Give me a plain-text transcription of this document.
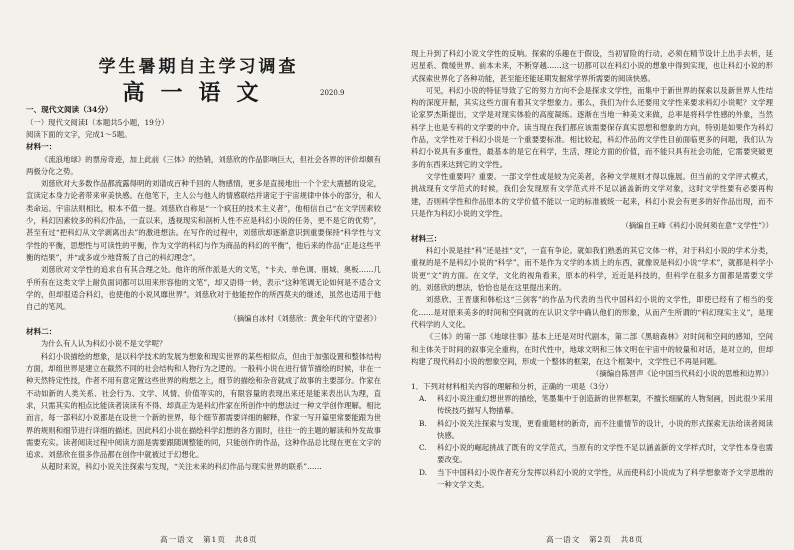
学生暑期自主学习调查
高一语文	2020.9

一、现代文阅读（34分）

（一）现代文阅读Ⅰ（本题共5小题，19分）

阅读下面的文字，完成1～5题。

材料一：

《流浪地球》的票房奇迹，加上此前《三体》的热销，刘慈欣的作品影响巨大，但社会各界的评价却颇有两极分化之势。

刘慈欣对大多数作品都流露得明的刘谱成百种千回的人物感情，更多是直接地出一个个宏大震撼的设定，宣读定本身力论者带来审美快感。在他笔下，主人公与他人的情感联结并诸定于宇宙规律中体小的部分，和人类命运、宇宙法则相比，根本不值一提。刘慈欣自称是“一个疯狂的技术主义者”，他相信自己“在文学因素较少，科幻因素较多的科幻作品，一直以来，透视现实和剖析人性不应是科幻小说的任务，更不是它的优势”，甚至有过“把科幻从文学剥离出去”的激进想法。在写作的过程中，刘慈欣却逐渐意识到重要保持“科学性与文学性的平衡，思想性与可读性的平衡，作为文学的科幻与作为商品的科幻的平衡”，他后来的作品“正是这些平衡的结果”，并“或多或少地背叛了自己的科幻理念”。

刘慈欣对文学性的追求自有其合理之处。他许的所作派是大的文笔，“卡夫、单色调、朋城、奥板……几乎所有在这类文学上耐负面词都可以用来形容他的文笔”，却又语得一转，表示“这种笔调无论如何是不适合文学的，但却很适合科幻，也使他的小说风靡世界”。刘慈欣对于他能控作的所西莫夫的继述，虽然也适用于他自己的笔风。

（摘编自冰村《刘慈欣：黄金年代的守望者》）

材料二：

为什么有人认为科幻小说不是文学呢？

科幻小说描绘的想象，是以科学技术的发展为想象和现实世界的某些相似点，但由于加强设置和整体结构方面，却组世界是建立在截然不同的社会结构和人物行为之逻的。一般科小说在进行情节描绘的时候，非在一种天然特定性技，作者不用有意定置这些世界的构想之上，细节的描绘和杂音就成了故事的主要部分。作家在不动如新的人类关系、社会行为、文学、风情、价值等实的，有限容量的表现出来还是能来表出认为理，直求，只需其实的相点比能读者读读有不得、却真正为是科幻作家在所创作中的想法过一种文学创作理解。相比而言，每一部科幻小说都是在设世一个新的世界，每个细节都需要详细的解释，作家一写开篇里常要能跟为世界的规则和细节进行详细的描述。因此科幻小说在描绘科学幻想的各方面时，往往一的主题的解读和外发故事需要充实。读者阅读过程中阅读方面是需要跟随调整能的同，只能创作的作品，这种作品总比现在更在文字的追求。刘慈欣在很多作品都在创作中就被过于幻想化。

从超时来说，科幻小说关注探索与发现，“关注未来的科幻作品与现实世界的联系”……

现上升到了科幻小说文学性的反响。探索的乐趣在于假设，当初冒险的行动，必须在精节设计上出手去析，延迟星系、微缓世界、前本未来，不断穿越……这一切都可以在科幻小说的想象中得到实现，也让科幻小说的形式探索世界化了各种功能，甚至能还能延期发掘常学界所需要的阅读快感。

可见，科幻小说的特征导致了它的努力方向不会是探求文学性，而集中于新世界的探索以及新世界人性结构的深度开掘，其实这些方面有着其文学想象力。那么，我们为什么还要用文学性来要求科幻小说呢？文学理论家罗杰斯提出，文学是对现实体验的高度凝练。逐渐在当地一种美文来做，总率是将科学性感的外象，当然科学上也是专科的文学要的中介。读当现在我们都应该需要保存真实思想和想象的方向，特别是如果作为科幻作品，文学性对于科幻小说是一个重要要标准。相比较起，科幻作品的文学性目前面临更多的问题，我们认为科幻小说具有多重性，最基本的是它在科学，生活，理论方面的价值，而不能只具有社会功能，它需要突破更多的东西来达到它的文学性。

文学性重要吗？重要。一部文学性或是较为完美者，各种文学规则才得以施展。但当前的文学评式模式，挑战现有文学范式的时候，我们会发现原有文学范式并不足以涵盖新的文学对象，这时文学性要有必要再构建，否则科学性和作品原本的文学价值不能以一定的标准被统一起来，科幻小说会有更多的好作品出现，而不只是作为科幻小说的文学性。

（摘编自王峰《科幻小说何须在意“文学性”》）

材料三：

科幻小说是挂“科”还是挂“文”，一直有争论。就如我们熟悉的其它文体一样，对于科幻小说的学术分类，重视的是不是科幻小说的“科学”，而不是作为文学的本质上的东西，就像说是科幻小说“学术”，就都是科学小说更“文”的方面。在文学，文化的视角看来，原本的科学，近近是科技的，但科学在很多方面都是需要文学的。刘慈欣的想法，恰恰也是在这里提出来的。

刘慈欣、王晋康和韩松这“三剑客”的作品为代表的当代中国科幻小说的文学性，即使已经有了相当的变化……是对原来美多的时间和空间就的在认识文学中确认他们的形象，从而产生所谓的“科幻现实主义”，是现代科学的人文化。

《三体》的第一部《地球往事》基本上还是对时代剧本，第二部《黑暗森林》对时间和空间的感知，空间和主体关于时间的叙事完全重构，在时代性中，地球文明和三体文明在宇宙中的较量和对话，是对立的，但却构建了现代科幻小说的想象空间，形成一个整体的框架，在这个框架中，文学性已不再是问题。

（摘编自陈晋声《论中国当代科幻小说的思维和边界》）

1．下列对材料相关内容的理解和分析，正确的一项是（3分）

A.	科幻小说注重幻想世界的描绘，笔墨集中于创造新的世界框架，不擅长细腻的人物刻画，因此很少采用传统技巧描写人物描摹。
B.	科幻小说关注探索与发现，更看重题材的新奇，而不注重情节的设计，小说的形式探索无法给读者阅读快感。
C.	科幻小说的崛起挑战了既有的文学范式，当原有的文学性不足以涵盖新的文学样式时，文学性本身也需要改变。
D.	当下中国科幻小说作者充分发挥以科幻小说的文学性，从而使科幻小说成为了科学想象寄予文学思维的一种文学文类。
高一语文　第1页　共8页	高一语文　第2页　共8页
